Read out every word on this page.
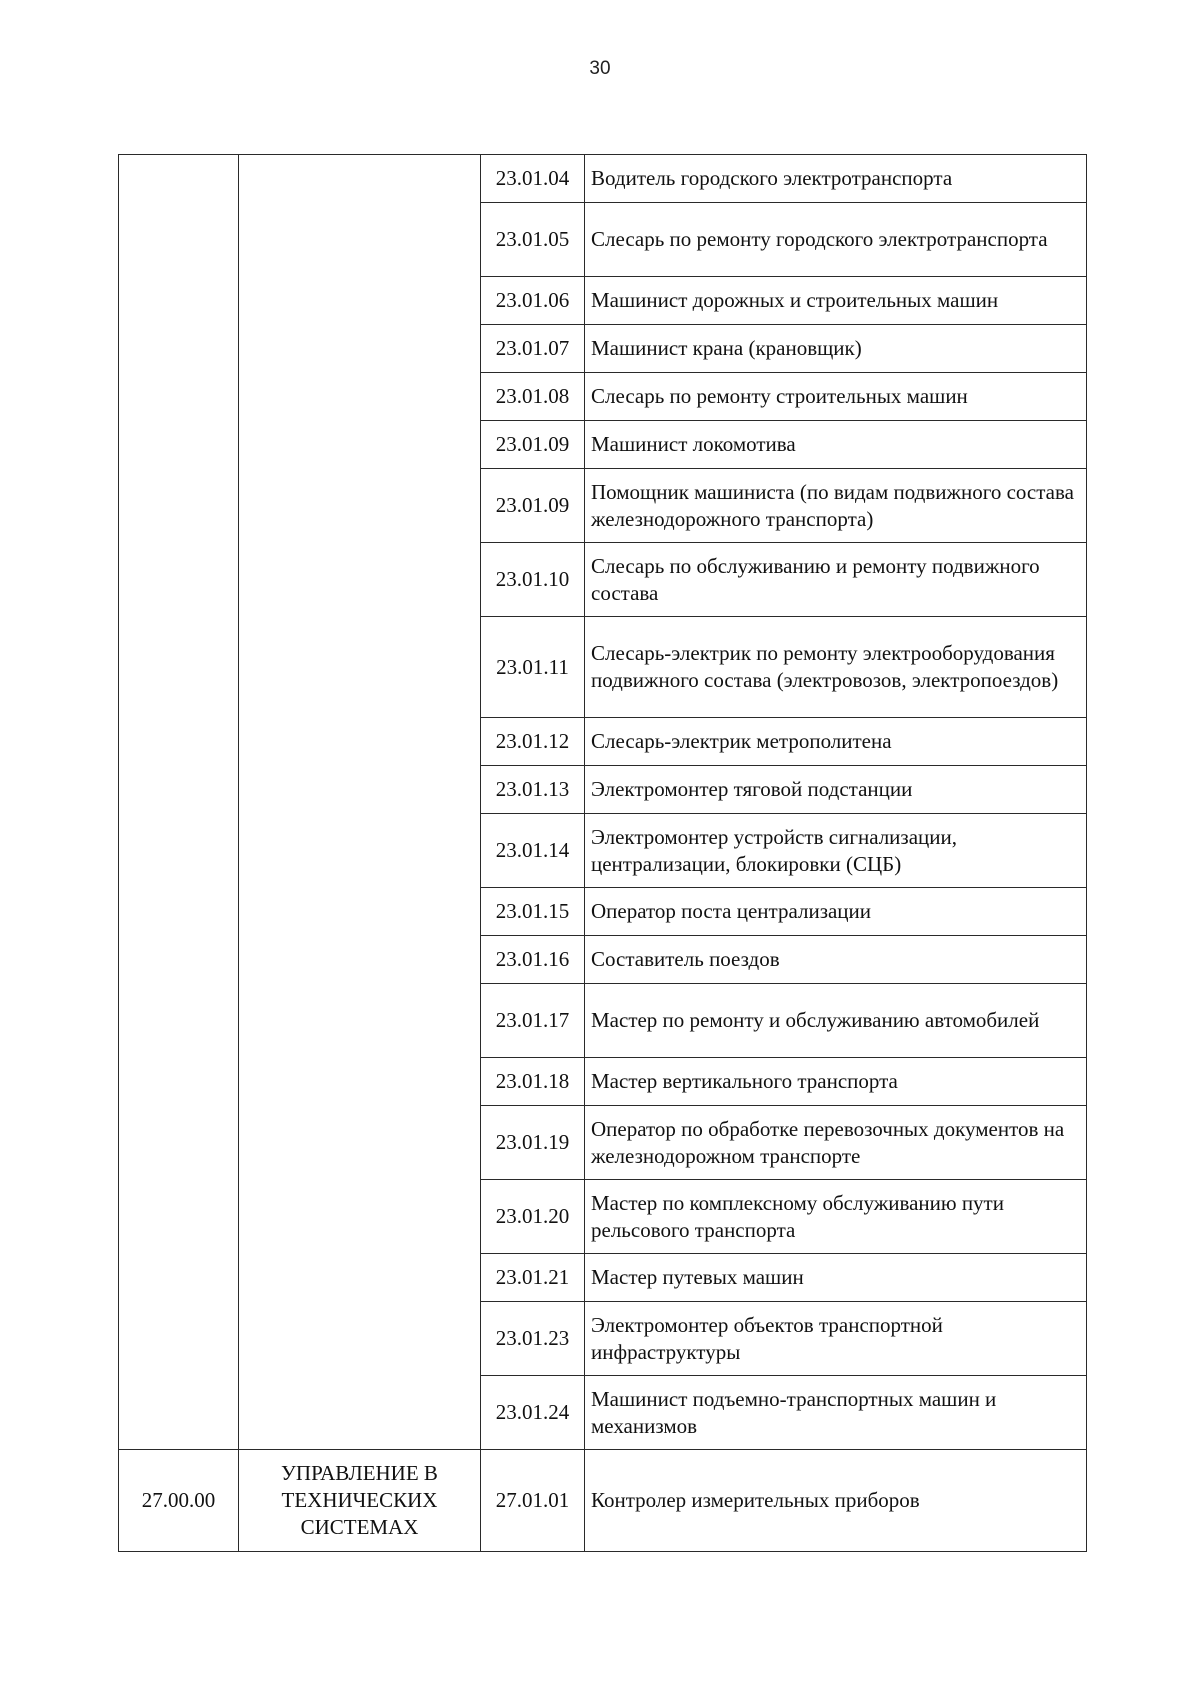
30
		23.01.04	Водитель городского электротранспорта
		23.01.05	Слесарь по ремонту городского электротранспорта
		23.01.06	Машинист дорожных и строительных машин
		23.01.07	Машинист крана (крановщик)
		23.01.08	Слесарь по ремонту строительных машин
		23.01.09	Машинист локомотива
		23.01.09	Помощник машиниста (по видам подвижного состава железнодорожного транспорта)
		23.01.10	Слесарь по обслуживанию и ремонту подвижного состава
		23.01.11	Слесарь-электрик по ремонту электрооборудования подвижного состава (электровозов, электропоездов)
		23.01.12	Слесарь-электрик метрополитена
		23.01.13	Электромонтер тяговой подстанции
		23.01.14	Электромонтер устройств сигнализации, централизации, блокировки (СЦБ)
		23.01.15	Оператор поста централизации
		23.01.16	Составитель поездов
		23.01.17	Мастер по ремонту и обслуживанию автомобилей
		23.01.18	Мастер вертикального транспорта
		23.01.19	Оператор по обработке перевозочных документов на железнодорожном транспорте
		23.01.20	Мастер по комплексному обслуживанию пути рельсового транспорта
		23.01.21	Мастер путевых машин
		23.01.23	Электромонтер объектов транспортной инфраструктуры
		23.01.24	Машинист подъемно-транспортных машин и механизмов
27.00.00	УПРАВЛЕНИЕ В ТЕХНИЧЕСКИХ СИСТЕМАХ	27.01.01	Контролер измерительных приборов
